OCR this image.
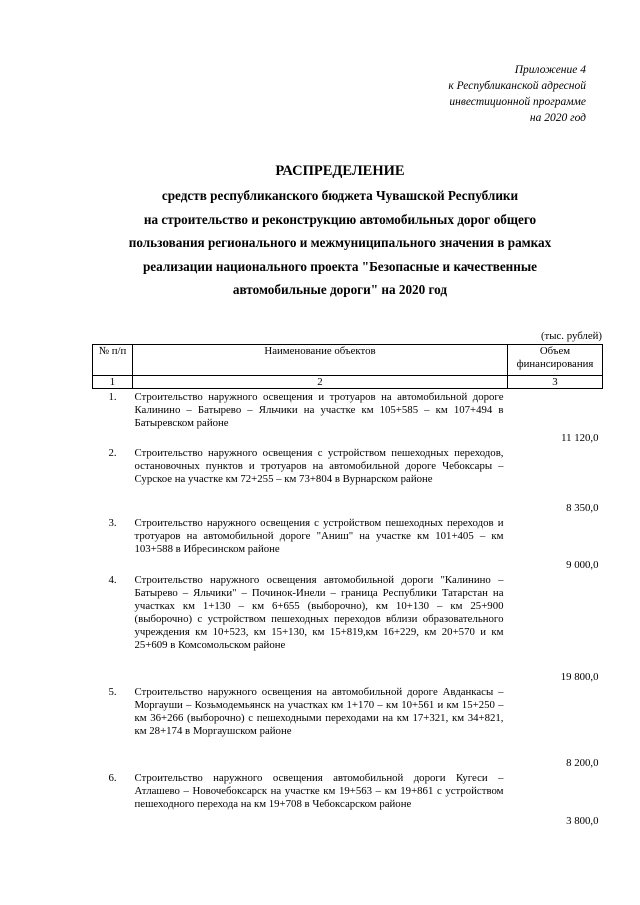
Приложение 4
к Республиканской адресной
инвестиционной программе
на 2020 год
РАСПРЕДЕЛЕНИЕ
средств республиканского бюджета Чувашской Республики
на строительство и реконструкцию автомобильных дорог общего
пользования регионального и межмуниципального значения в рамках
реализации национального проекта "Безопасные и качественные
автомобильные дороги" на 2020 год
(тыс. рублей)
№ п/п	Наименование объектов	Объем финансирования
1	2	3
1.	Строительство наружного освещения и тротуаров на автомобильной дороге Калинино – Батырево – Яльчики на участке км 105+585 – км 107+494 в Батыревском районе	11 120,0
2.	Строительство наружного освещения с устройством пешеходных переходов, остановочных пунктов и тротуаров на автомобильной дороге Чебоксары – Сурское на участке км 72+255 – км 73+804 в Вурнарском районе	8 350,0
3.	Строительство наружного освещения с устройством пешеходных переходов и тротуаров на автомобильной дороге "Аниш" на участке км 101+405 – км 103+588 в Ибресинском районе	9 000,0
4.	Строительство наружного освещения автомобильной дороги "Калинино – Батырево – Яльчики" – Починок-Инели – граница Республики Татарстан на участках км 1+130 – км 6+655 (выборочно), км 10+130 – км 25+900 (выборочно) с устройством пешеходных переходов вблизи образовательного учреждения км 10+523, км 15+130, км 15+819,км 16+229, км 20+570 и км 25+609 в Комсомольском районе	19 800,0
5.	Строительство наружного освещения на автомобильной дороге Авданкасы – Моргауши – Козьмодемьянск на участках км 1+170 – км 10+561 и км 15+250 – км 36+266 (выборочно) с пешеходными переходами на км 17+321, км 34+821, км 28+174 в Моргаушском районе	8 200,0
6.	Строительство наружного освещения автомобильной дороги Кугеси – Атлашево – Новочебоксарск на участке км 19+563 – км 19+861 с устройством пешеходного перехода на км 19+708 в Чебоксарском районе	3 800,0
